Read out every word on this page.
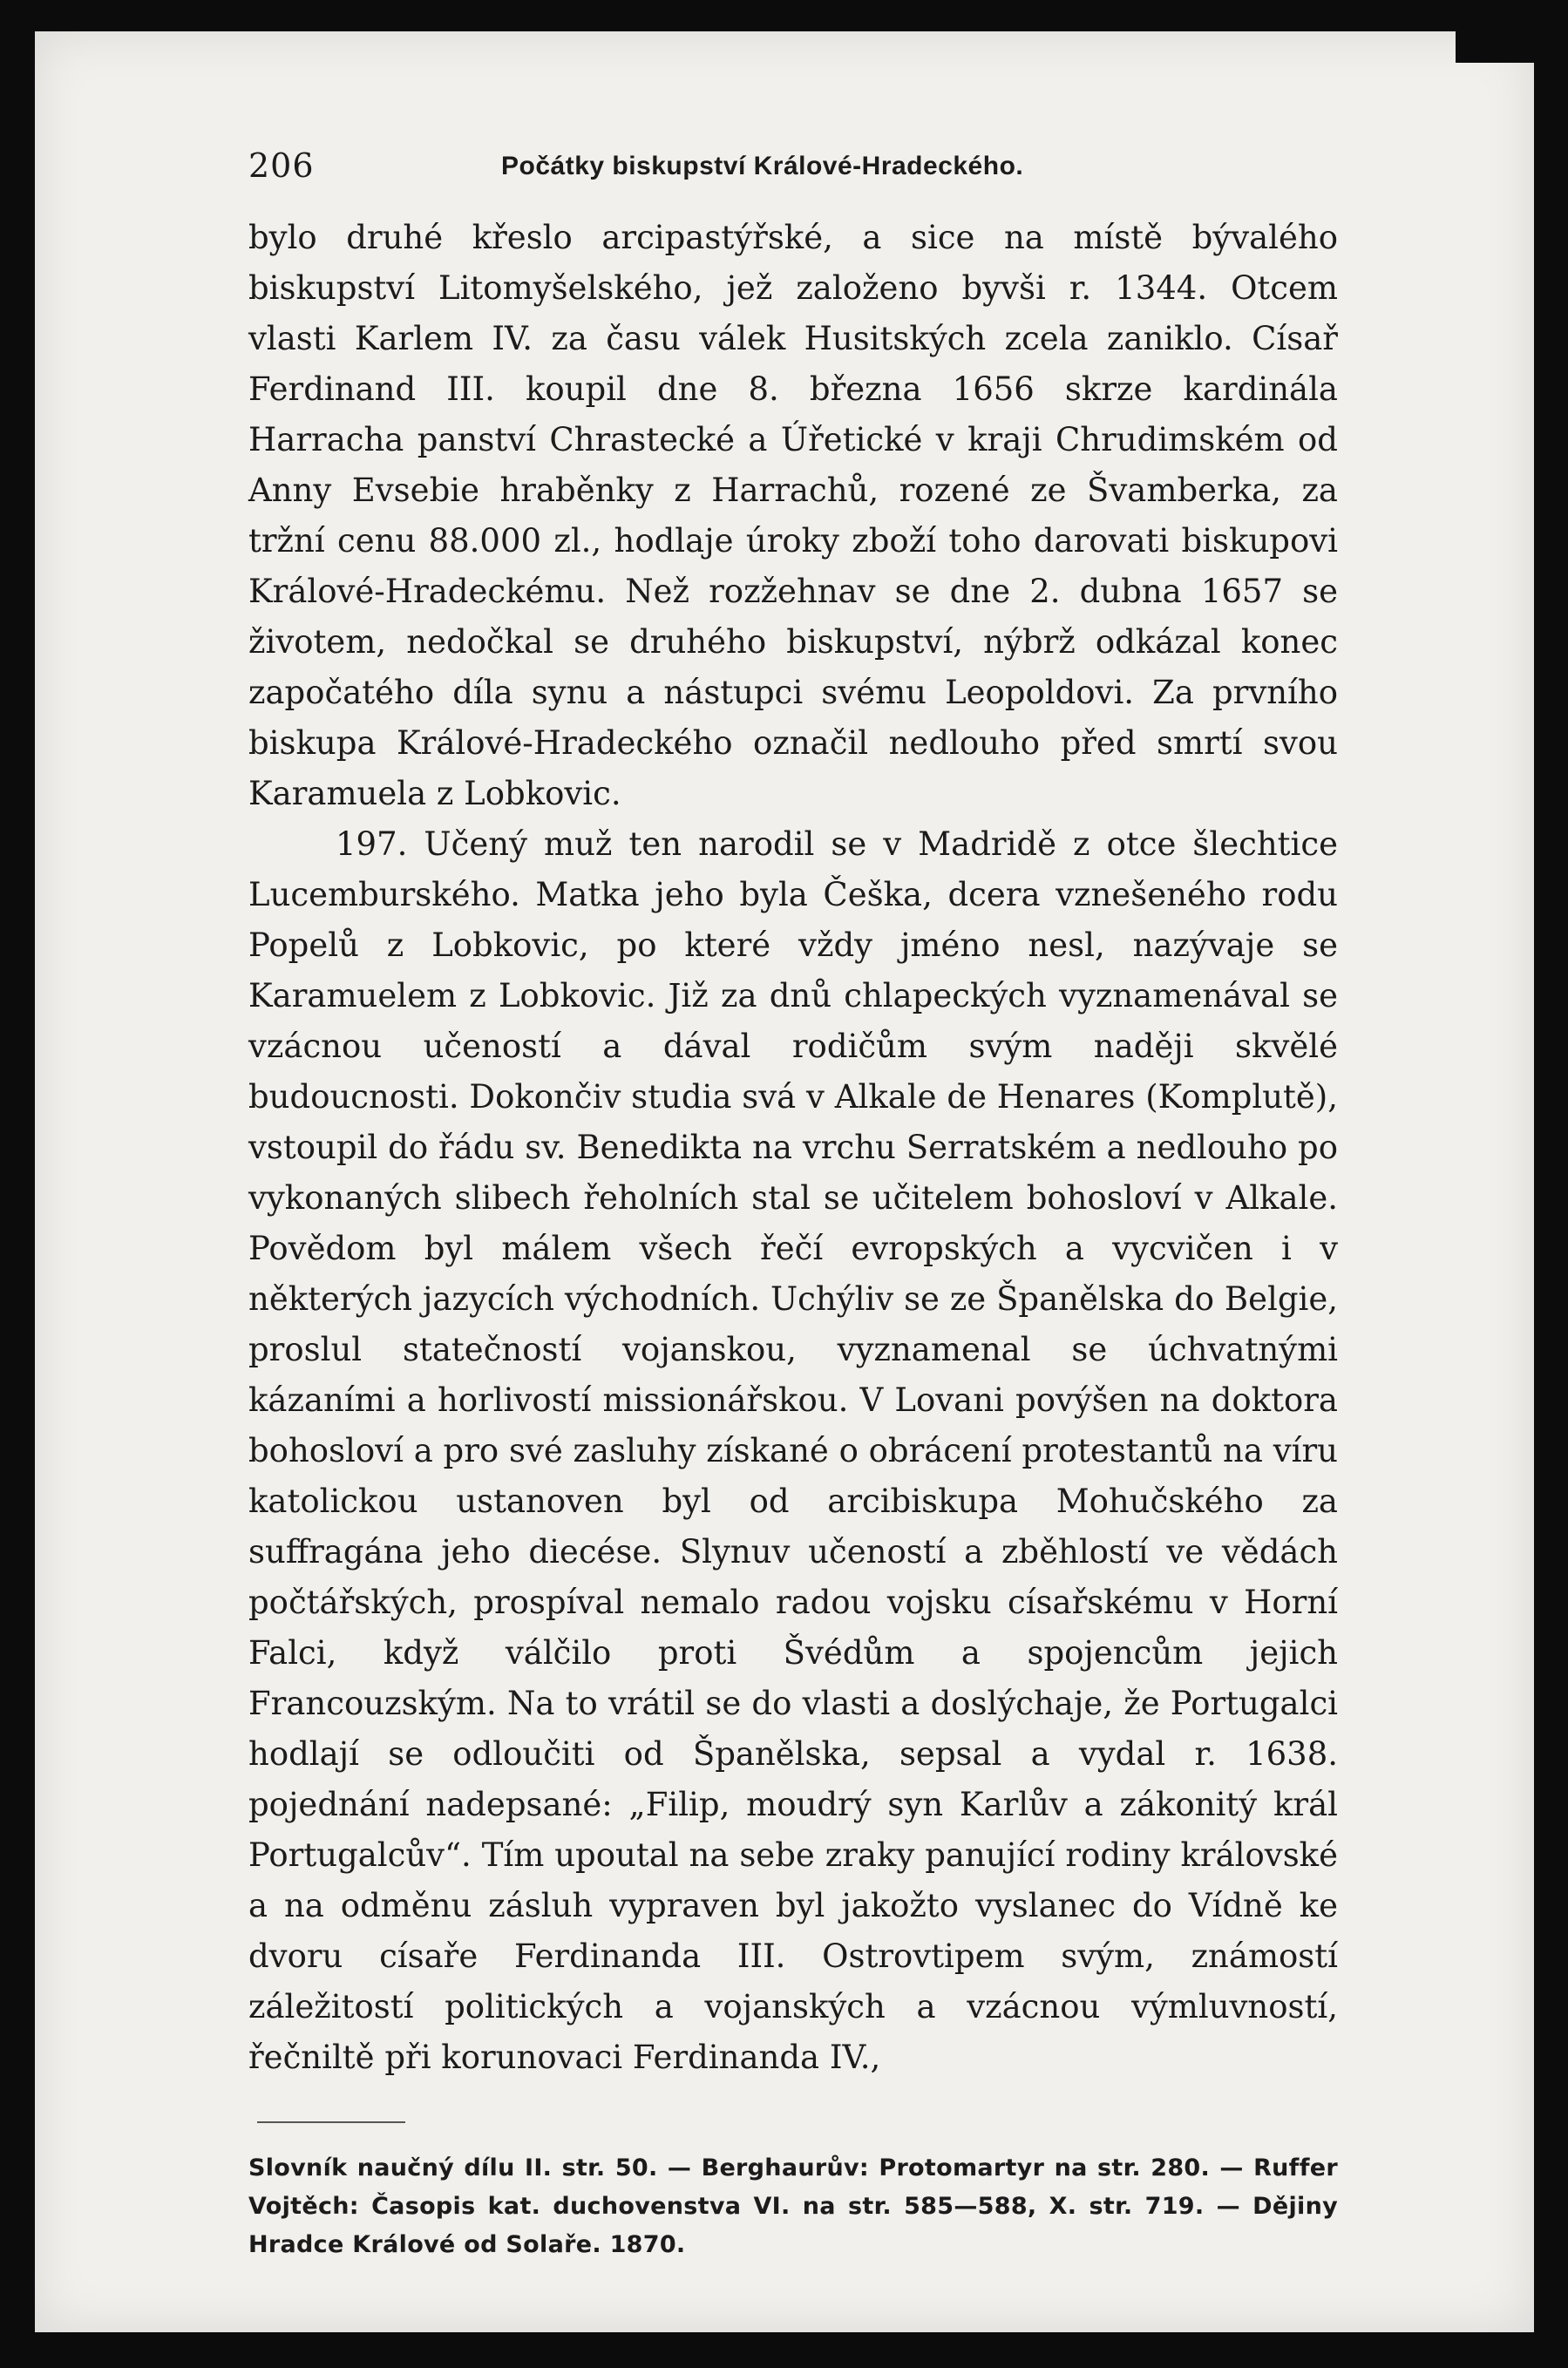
206	Počátky biskupství Králové-Hradeckého.

bylo druhé křeslo arcipastýřské, a sice na místě bývalého biskupství Litomyšelského, jež založeno byvši r. 1344. Otcem vlasti Karlem IV. za času válek Husitských zcela zaniklo. Císař Ferdinand III. koupil dne 8. března 1656 skrze kardinála Harracha panství Chrastecké a Úřetické v kraji Chrudimském od Anny Evsebie hraběnky z Harrachů, rozené ze Švamberka, za tržní cenu 88.000 zl., hodlaje úroky zboží toho darovati biskupovi Králové-Hradeckému. Než rozžehnav se dne 2. dubna 1657 se životem, nedočkal se druhého biskupství, nýbrž odkázal konec započatého díla synu a nástupci svému Leopoldovi. Za prvního biskupa Králové-Hradeckého označil nedlouho před smrtí svou Karamuela z Lobkovic.

197. Učený muž ten narodil se v Madridě z otce šlechtice Lucemburského. Matka jeho byla Češka, dcera vznešeného rodu Popelů z Lobkovic, po které vždy jméno nesl, nazývaje se Karamuelem z Lobkovic. Již za dnů chlapeckých vyznamenával se vzácnou učeností a dával rodičům svým naději skvělé budoucnosti. Dokončiv studia svá v Alkale de Henares (Komplutě), vstoupil do řádu sv. Benedikta na vrchu Serratském a nedlouho po vykonaných slibech řeholních stal se učitelem bohosloví v Alkale. Povědom byl málem všech řečí evropských a vycvičen i v některých jazycích východních. Uchýliv se ze Španělska do Belgie, proslul statečností vojanskou, vyznamenal se úchvatnými kázaními a horlivostí missionářskou. V Lovani povýšen na doktora bohosloví a pro své zasluhy získané o obrácení protestantů na víru katolickou ustanoven byl od arcibiskupa Mohučského za suffragána jeho diecése. Slynuv učeností a zběhlostí ve vědách počtářských, prospíval nemalo radou vojsku císařskému v Horní Falci, když válčilo proti Švédům a spojencům jejich Francouzským. Na to vrátil se do vlasti a doslýchaje, že Portugalci hodlají se odloučiti od Španělska, sepsal a vydal r. 1638. pojednání nadepsané: „Filip, moudrý syn Karlův a zákonitý král Portugalcův“. Tím upoutal na sebe zraky panující rodiny královské a na odměnu zásluh vypraven byl jakožto vyslanec do Vídně ke dvoru císaře Ferdinanda III. Ostrovtipem svým, známostí záležitostí politických a vojanských a vzácnou výmluvností, řečniltě při korunovaci Ferdinanda IV.,

Slovník naučný dílu II. str. 50. — Berghaurův: Protomartyr na str. 280. — Ruffer Vojtěch: Časopis kat. duchovenstva VI. na str. 585—588, X. str. 719. — Dějiny Hradce Králové od Solaře. 1870.
